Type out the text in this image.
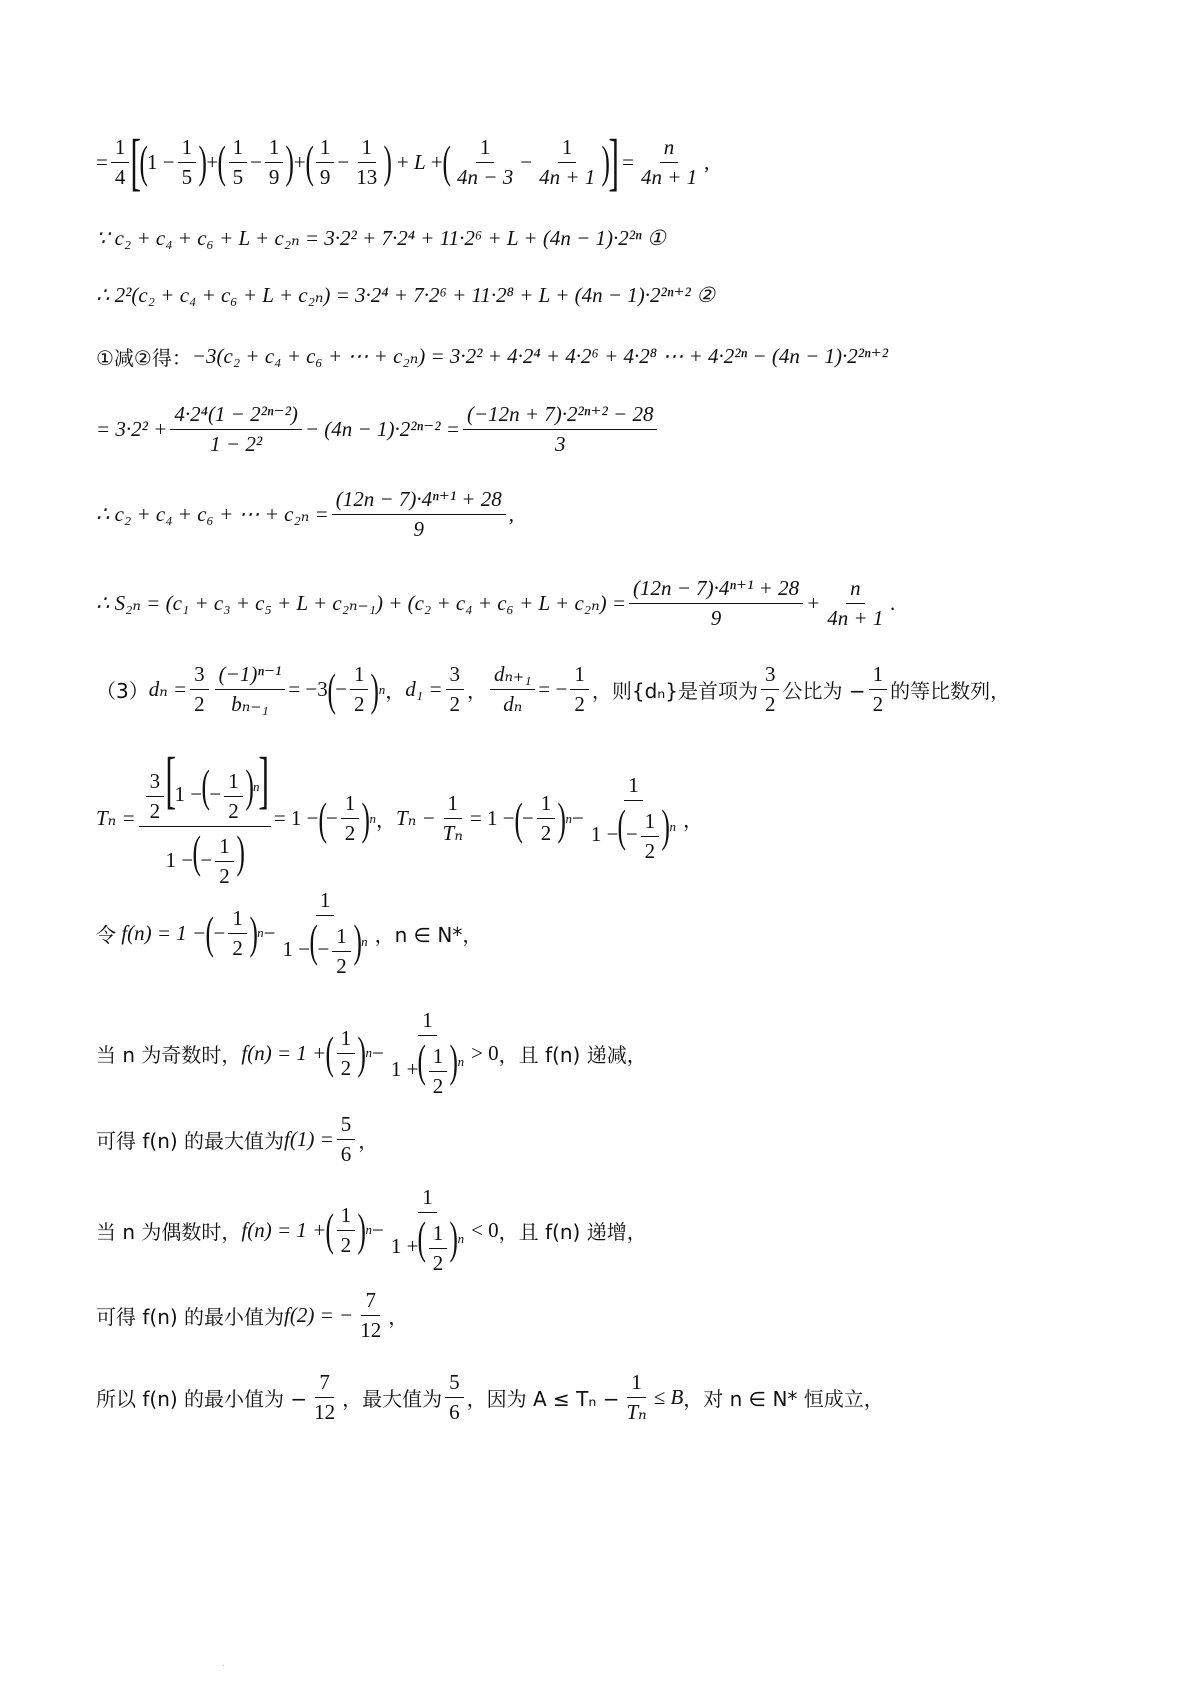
= $\frac{1}{4}$ [
( 1 −
1
5 ) + ( 1
5
−
1
9 ) + ( 1
9
−
1
13 ) + L + ( 1
4n − 3
−
1
4n + 1 )
]
= $\frac{n}{4n + 1}$ ,
∵ c₂ + c₄ + c₆ + L + c₂ₙ = 3·2² + 7·2⁴ + 11·2⁶ + L + (4n − 1)·2²ⁿ ①
∴ 2²(c₂ + c₄ + c₆ + L + c₂ₙ) = 3·2⁴ + 7·2⁶ + 11·2⁸ + L + (4n − 1)·2²ⁿ⁺² ②
①减②得： −3(c₂ + c₄ + c₆ + ⋯ + c₂ₙ) = 3·2² + 4·2⁴ + 4·2⁶ + 4·2⁸ ⋯ + 4·2²ⁿ − (4n − 1)·2²ⁿ⁺²
= $3\cdot 2^2 + \frac{\text{4·2⁴(1 − 2²ⁿ⁻²)}}{\text{1 − 2²}} - (4n - 1)\cdot 2^{2n-2} = \frac{\text{(−12n + 7)·2²ⁿ⁺² − 28}}{3}$
∴ c₂ + c₄ + c₆ + ⋯ + $c_{2n} = \frac{\text{(12n − 7)·4ⁿ⁺¹ + 28}}{9}$ ,
∴ $S_{2n} = (c_1 + c_3 + c_5 + L + c_{2n-1}) + (c_2 + c_4 + c_6 + L + c_{2n}) = \frac{\text{(12n − 7)·4ⁿ⁺¹ + 28}}{9} + \frac{n}{4n + 1}$ .
（3） $d_n = \frac{3}{2} \frac{\text{(−1)ⁿ⁻¹}}{\text{bₙ₋₁}} = -3$ ( −
1
2 ) n ， $d_1 = \frac{3}{2}$ ， $\frac{\text{dₙ₊₁}}{\text{dₙ}}$ = − $\frac{1}{2}$ ，则{dₙ}是首项为
3
2
公比为 − $\frac{1}{2}$ 的等比数列，
$T_n = \frac{\frac{3}{2} [1 -(- \frac{1}{2} )^n]}{1 -(- \frac{1}{2} )} = 1$ − ( −
1
2 ) n ， $T_n - \frac{1}{\text{Tₙ}} = 1$ − ( −
1
2 ) $n - \frac{1}{1 -(- \frac{1}{2} )^n}$ ，
令
f(n) = 1 − ( −
1
2 ) $n - \frac{1}{1 -(- \frac{1}{2} )^n}$ ，n ∈ N*，
当 n 为奇数时， f(n) = 1 + ( 1
2 ) $n - \frac{1}{1 +( \frac{1}{2} )^n} > 0$ ，且 f(n) 递减，
可得 f(n) 的最大值为 $f(1) = \frac{5}{6}$ ，
当 n 为偶数时， f(n) = 1 + ( 1
2 ) $n - \frac{1}{1 +( \frac{1}{2} )^n} < 0$ ，且 f(n) 递增，
可得 f(n) 的最小值为 f(2) = − $\frac{7}{12}$ ，
所以 f(n) 的最小值为 − $\frac{7}{12}$ ，最大值为
5
6
，因为 $A \le T_n - \frac{1}{\text{Tₙ}} \le B$ ，对 n ∈ N* 恒成立，
.
